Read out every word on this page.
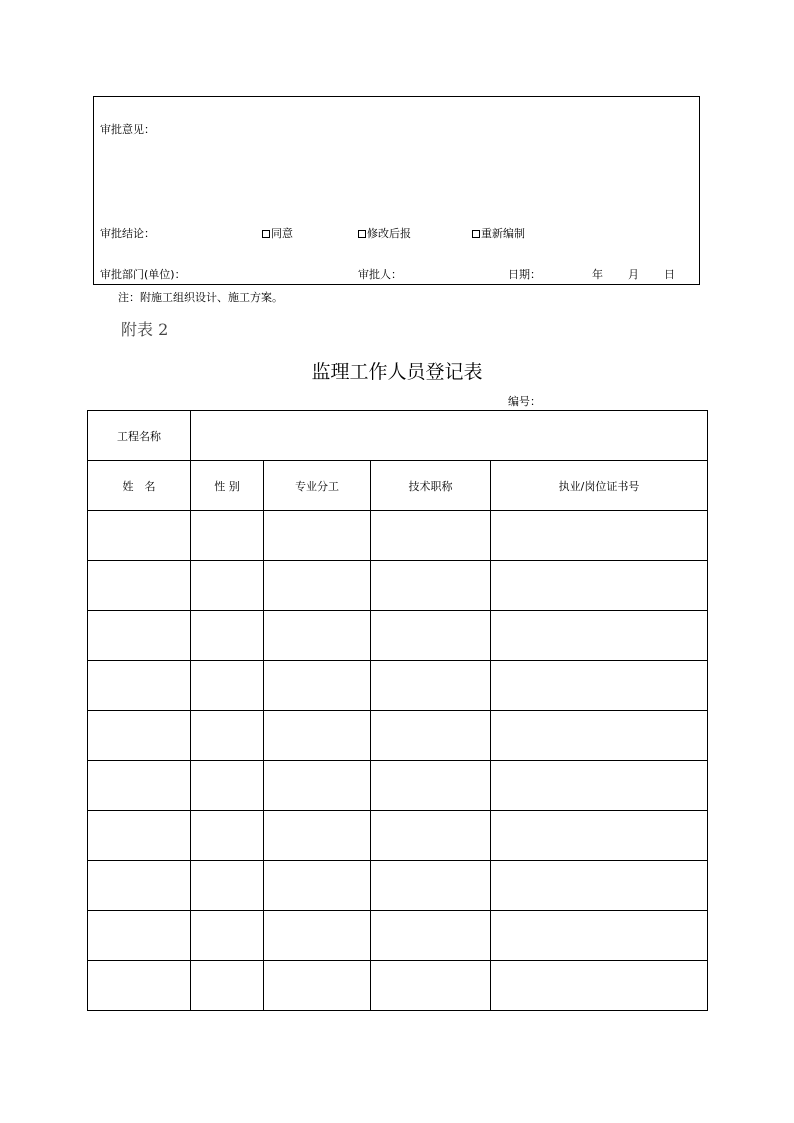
审批意见：
审批结论：	同意	修改后报	重新编制
审批部门(单位)：	审批人：	日期：	年 月 日
注：附施工组织设计、施工方案。
附表 2
监理工作人员登记表
编号：
工程名称				
姓　名	性 别	专业分工	技术职称	执业/岗位证书号
